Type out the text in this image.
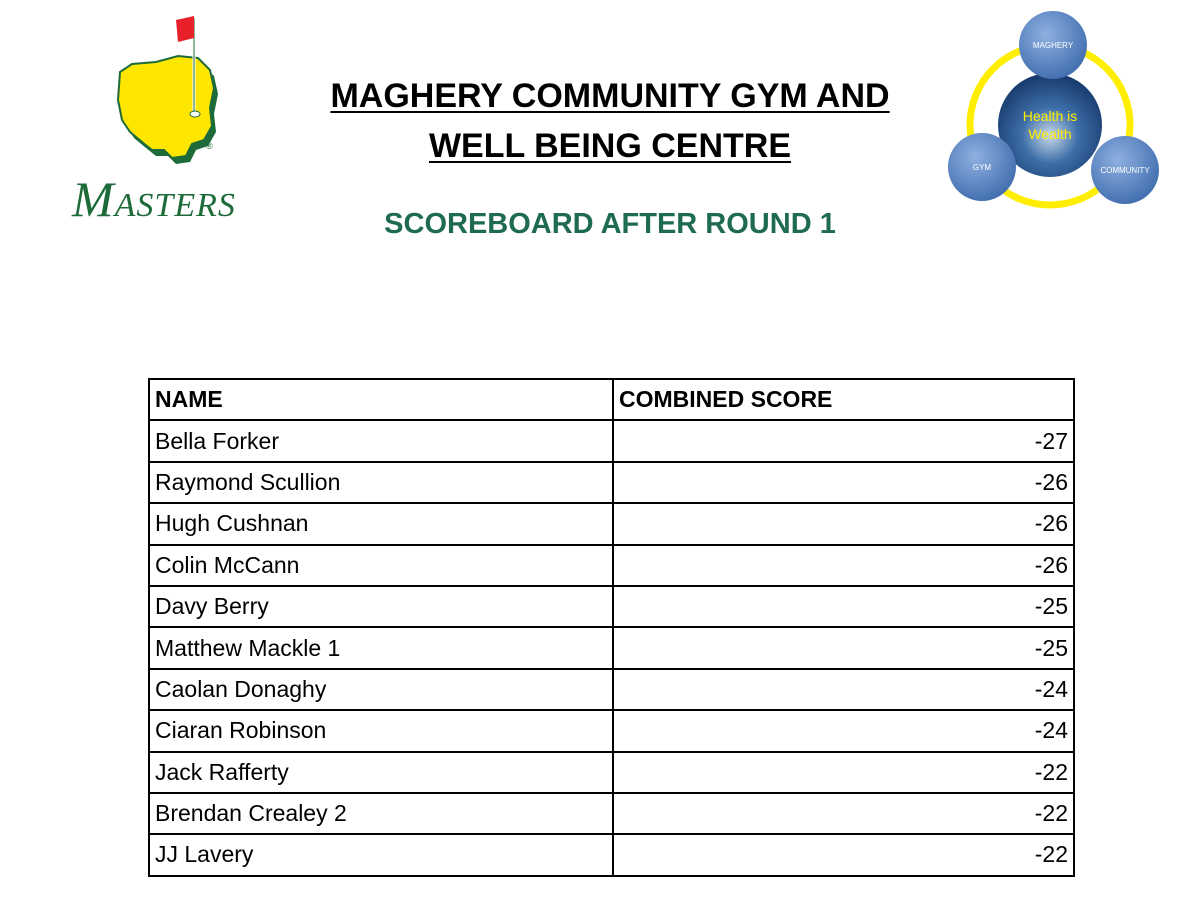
®
MASTERS
MAGHERY COMMUNITY GYM AND
WELL BEING CENTRE
SCOREBOARD AFTER ROUND 1
Health is
Wealth
MAGHERY
GYM	COMMUNITY
NAME	COMBINED SCORE
Bella Forker	-27
Raymond Scullion	-26
Hugh Cushnan	-26
Colin McCann	-26
Davy Berry	-25
Matthew Mackle 1	-25
Caolan Donaghy	-24
Ciaran Robinson	-24
Jack Rafferty	-22
Brendan Crealey 2	-22
JJ Lavery	-22
